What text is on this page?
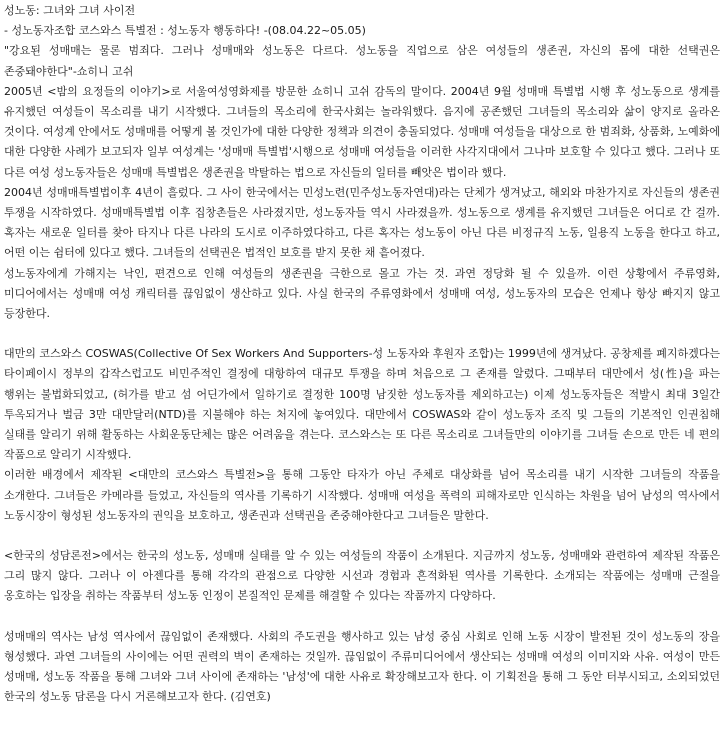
성노동: 그녀와 그녀 사이전

- 성노동자조합 코스와스 특별전 : 성노동자 행동하다! -(08.04.22~05.05)

"강요된 성매매는 물론 범죄다. 그러나 성매매와 성노동은 다르다. 성노동을 직업으로 삼은 여성들의 생존권, 자신의 몸에 대한 선택권은 존중돼야한다"-쇼히니 고쉬

2005년 <밤의 요정들의 이야기>로 서울여성영화제를 방문한 쇼히니 고쉬 감독의 말이다. 2004년 9월 성매매 특별법 시행 후 성노동으로 생계를 유지했던 여성들이 목소리를 내기 시작했다. 그녀들의 목소리에 한국사회는 놀라워했다. 음지에 공존했던 그녀들의 목소리와 삶이 양지로 올라온 것이다. 여성계 안에서도 성매매를 어떻게 볼 것인가에 대한 다양한 정책과 의견이 충돌되었다. 성매매 여성들을 대상으로 한 범죄화, 상품화, 노예화에 대한 다양한 사례가 보고되자 일부 여성계는 '성매매 특별법'시행으로 성매매 여성들을 이러한 사각지대에서 그나마 보호할 수 있다고 했다. 그러나 또 다른 여성 성노동자들은 성매매 특별법은 생존권을 박탈하는 법으로 자신들의 일터를 빼앗은 법이라 했다.

2004년 성매매특별법이후 4년이 흘렀다. 그 사이 한국에서는 민성노련(민주성노동자연대)라는 단체가 생겨났고, 해외와 마찬가지로 자신들의 생존권 투쟁을 시작하였다. 성매매특별법 이후 집창촌들은 사라졌지만, 성노동자들 역시 사라졌을까. 성노동으로 생계를 유지했던 그녀들은 어디로 간 걸까. 혹자는 새로운 일터를 찾아 타지나 다른 나라의 도시로 이주하였다하고, 다른 혹자는 성노동이 아닌 다른 비정규직 노동, 일용직 노동을 한다고 하고, 어떤 이는 쉼터에 있다고 했다. 그녀들의 선택권은 법적인 보호를 받지 못한 채 흩어졌다.

성노동자에게 가해지는 낙인, 편견으로 인해 여성들의 생존권을 극한으로 몰고 가는 것. 과연 정당화 될 수 있을까. 이런 상황에서 주류영화, 미디어에서는 성매매 여성 캐릭터를 끊임없이 생산하고 있다. 사실 한국의 주류영화에서 성매매 여성, 성노동자의 모습은 언제나 항상 빠지지 않고 등장한다.

대만의 코스와스 COSWAS(Collective Of Sex Workers And Supporters-성 노동자와 후원자 조합)는 1999년에 생겨났다. 공창제를 폐지하겠다는 타이페이시 정부의 갑작스럽고도 비민주적인 결정에 대항하여 대규모 투쟁을 하며 처음으로 그 존재를 알렸다. 그때부터 대만에서 성(性)을 파는 행위는 불법화되었고, (허가를 받고 섬 어딘가에서 일하기로 결정한 100명 남짓한 성노동자를 제외하고는) 이제 성노동자들은 적발시 최대 3일간 투옥되거나 벌금 3만 대만달러(NTD)를 지불해야 하는 처지에 놓여있다. 대만에서 COSWAS와 같이 성노동자 조직 및 그들의 기본적인 인권침해 실태를 알리기 위해 활동하는 사회운동단체는 많은 어려움을 겪는다. 코스와스는 또 다른 목소리로 그녀들만의 이야기를 그녀들 손으로 만든 네 편의 작품으로 알리기 시작했다.

이러한 배경에서 제작된 <대만의 코스와스 특별전>을 통해 그동안 타자가 아닌 주체로 대상화를 넘어 목소리를 내기 시작한 그녀들의 작품을 소개한다. 그녀들은 카메라를 들었고, 자신들의 역사를 기록하기 시작했다. 성매매 여성을 폭력의 피해자로만 인식하는 차원을 넘어 남성의 역사에서 노동시장이 형성된 성노동자의 권익을 보호하고, 생존권과 선택권을 존중해야한다고 그녀들은 말한다.

<한국의 성담론전>에서는 한국의 성노동, 성매매 실태를 알 수 있는 여성들의 작품이 소개된다. 지금까지 성노동, 성매매와 관련하여 제작된 작품은 그리 많지 않다. 그러나 이 아젠다를 통해 각각의 관점으로 다양한 시선과 경험과 흔적화된 역사를 기록한다. 소개되는 작품에는 성매매 근절을 옹호하는 입장을 취하는 작품부터 성노동 인정이 본질적인 문제를 해결할 수 있다는 작품까지 다양하다.

성매매의 역사는 남성 역사에서 끊임없이 존재했다. 사회의 주도권을 행사하고 있는 남성 중심 사회로 인해 노동 시장이 발전된 것이 성노동의 장을 형성했다. 과연 그녀들의 사이에는 어떤 권력의 벽이 존재하는 것일까. 끊임없이 주류미디어에서 생산되는 성매매 여성의 이미지와 사유. 여성이 만든 성매매, 성노동 작품을 통해 그녀와 그녀 사이에 존재하는 '남성'에 대한 사유로 확장해보고자 한다. 이 기획전을 통해 그 동안 터부시되고, 소외되었던 한국의 성노동 담론을 다시 거론해보고자 한다. (김연호)
